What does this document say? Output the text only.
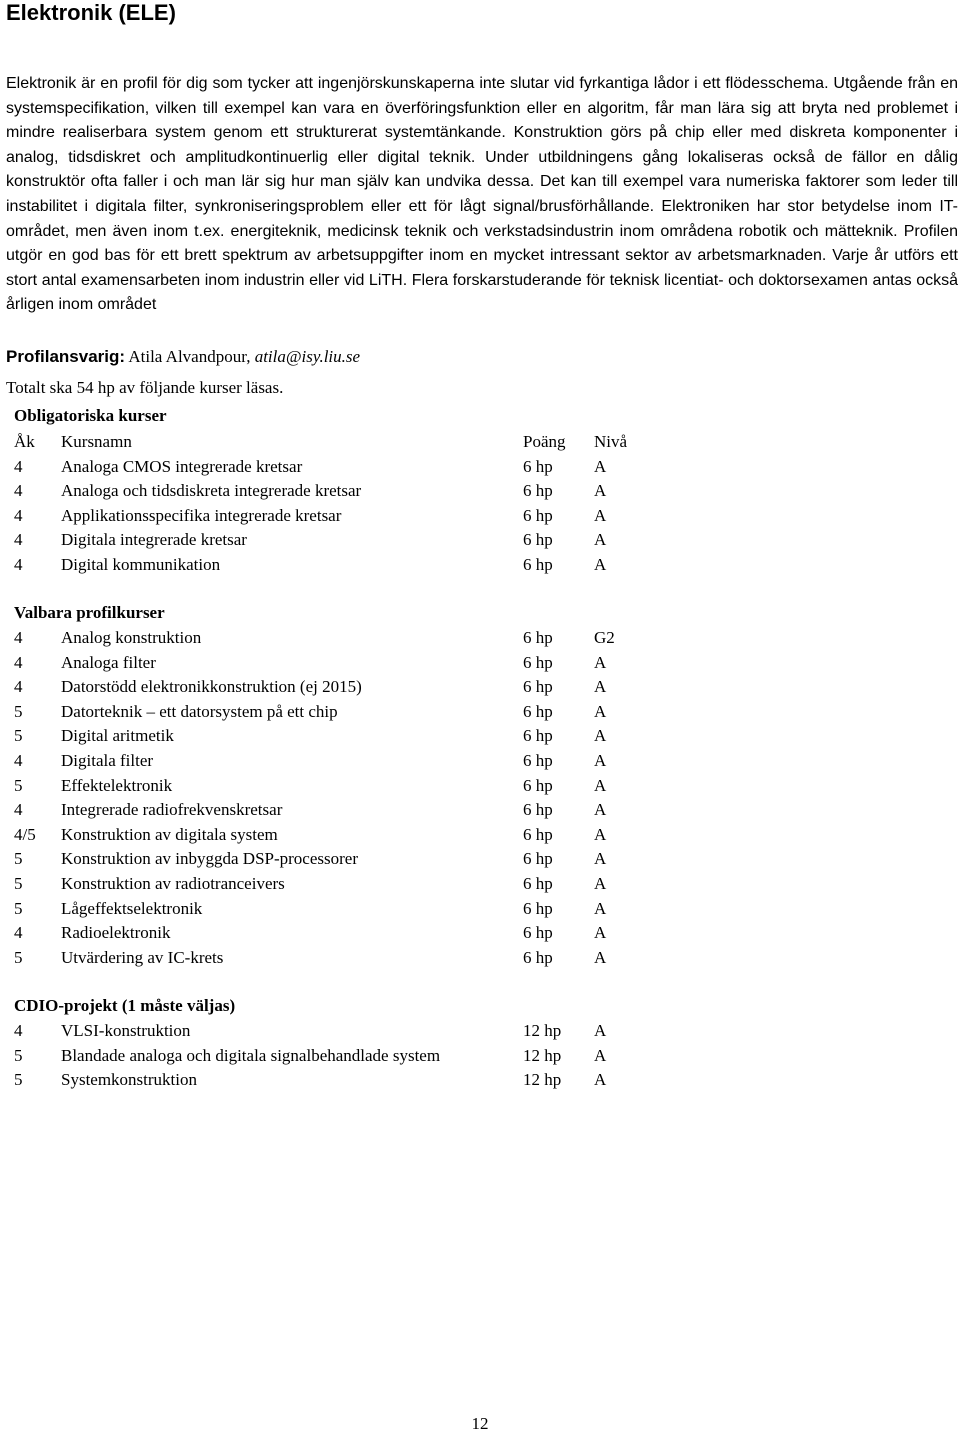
Elektronik (ELE)

Elektronik är en profil för dig som tycker att ingenjörskunskaperna inte slutar vid fyrkantiga lådor i ett flödesschema. Utgående från en systemspecifikation, vilken till exempel kan vara en överföringsfunktion eller en algoritm, får man lära sig att bryta ned problemet i mindre realiserbara system genom ett strukturerat systemtänkande. Konstruktion görs på chip eller med diskreta komponenter i analog, tidsdiskret och amplitudkontinuerlig eller digital teknik. Under utbildningens gång lokaliseras också de fällor en dålig konstruktör ofta faller i och man lär sig hur man själv kan undvika dessa. Det kan till exempel vara numeriska faktorer som leder till instabilitet i digitala filter, synkroniseringsproblem eller ett för lågt signal/brusförhållande. Elektroniken har stor betydelse inom IT-området, men även inom t.ex. energiteknik, medicinsk teknik och verkstadsindustrin inom områdena robotik och mätteknik. Profilen utgör en god bas för ett brett spektrum av arbetsuppgifter inom en mycket intressant sektor av arbetsmarknaden. Varje år utförs ett stort antal examensarbeten inom industrin eller vid LiTH. Flera forskarstuderande för teknisk licentiat- och doktorsexamen antas också årligen inom området

Profilansvarig: Atila Alvandpour, atila@isy.liu.se
Totalt ska 54 hp av följande kurser läsas.
Obligatoriska kurser
Åk	Kursnamn	Poäng	Nivå
4	Analoga CMOS integrerade kretsar	6 hp	A
4	Analoga och tidsdiskreta integrerade kretsar	6 hp	A
4	Applikationsspecifika integrerade kretsar	6 hp	A
4	Digitala integrerade kretsar	6 hp	A
4	Digital kommunikation	6 hp	A
Valbara profilkurser
4	Analog konstruktion	6 hp	G2
4	Analoga filter	6 hp	A
4	Datorstödd elektronikkonstruktion (ej 2015)	6 hp	A
5	Datorteknik – ett datorsystem på ett chip	6 hp	A
5	Digital aritmetik	6 hp	A
4	Digitala filter	6 hp	A
5	Effektelektronik	6 hp	A
4	Integrerade radiofrekvenskretsar	6 hp	A
4/5	Konstruktion av digitala system	6 hp	A
5	Konstruktion av inbyggda DSP-processorer	6 hp	A
5	Konstruktion av radiotranceivers	6 hp	A
5	Lågeffektselektronik	6 hp	A
4	Radioelektronik	6 hp	A
5	Utvärdering av IC-krets	6 hp	A
CDIO-projekt (1 måste väljas)
4	VLSI-konstruktion	12 hp	A
5	Blandade analoga och digitala signalbehandlade system	12 hp	A
5	Systemkonstruktion	12 hp	A
12
